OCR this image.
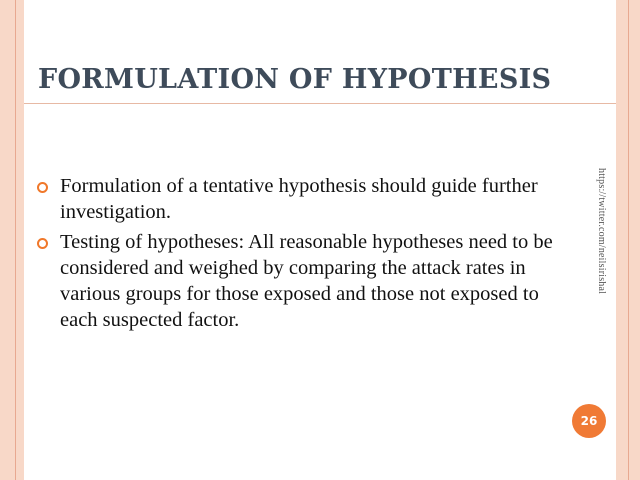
FORMULATION OF HYPOTHESIS
Formulation of a tentative hypothesis should guide further investigation.
Testing of hypotheses: All reasonable hypotheses need to be considered and weighed by comparing the attack rates in various groups for those exposed and those not exposed to each suspected factor.
https://twitter.com/neilsirishal
26
